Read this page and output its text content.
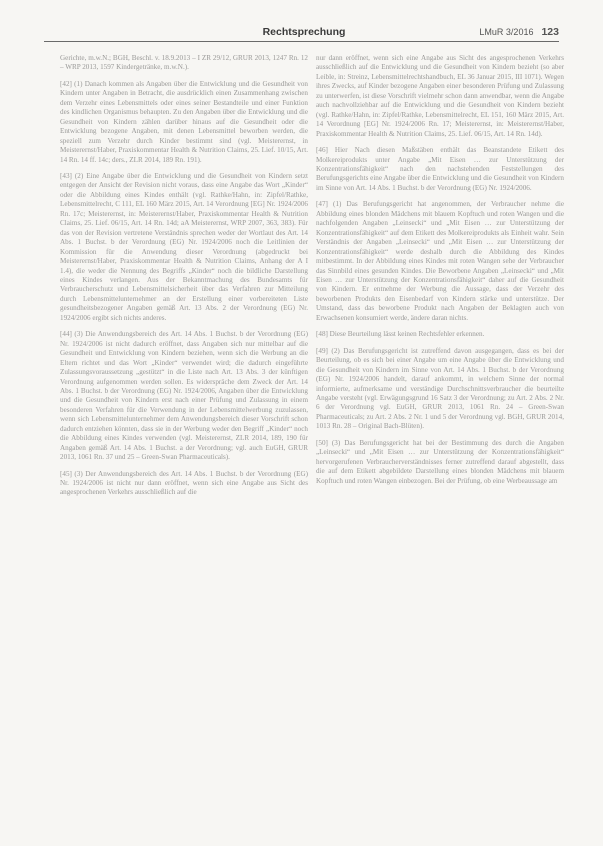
Rechtsprechung	LMuR 3/2016 123

Gerichte, m.w.N.; BGH, Beschl. v. 18.9.2013 – I ZR 29/12, GRUR 2013, 1247 Rn. 12 – WRP 2013, 1597 Kindergetränke, m.w.N.).

[42] (1) Danach kommen als Angaben über die Entwicklung und die Gesundheit von Kindern unter Angaben in Betracht, die ausdrücklich einen Zusammenhang zwischen dem Verzehr eines Lebensmittels oder eines seiner Bestandteile und einer Funktion des kindlichen Organismus behaupten. Zu den Angaben über die Entwicklung und die Gesundheit von Kindern zählen darüber hinaus auf die Gesundheit oder die Entwicklung bezogene Angaben, mit denen Lebensmittel beworben werden, die speziell zum Verzehr durch Kinder bestimmt sind (vgl. Meisterernst, in Meisterernst/Haber, Praxiskommentar Health & Nutrition Claims, 25. Lief. 10/15, Art. 14 Rn. 14 ff. 14c; ders., ZLR 2014, 189 Rn. 191).

[43] (2) Eine Angabe über die Entwicklung und die Gesundheit von Kindern setzt entgegen der Ansicht der Revision nicht voraus, dass eine Angabe das Wort „Kinder“ oder die Abbildung eines Kindes enthält (vgl. Rathke/Hahn, in: Zipfel/Rathke, Lebensmittelrecht, C 111, EL 160 März 2015, Art. 14 Verordnung [EG] Nr. 1924/2006 Rn. 17c; Meisterernst, in: Meisterernst/Haber, Praxiskommentar Health & Nutrition Claims, 25. Lief. 06/15, Art. 14 Rn. 14d; aA Meisterernst, WRP 2007, 363, 383). Für das von der Revision vertretene Verständnis sprechen weder der Wortlaut des Art. 14 Abs. 1 Buchst. b der Verordnung (EG) Nr. 1924/2006 noch die Leitlinien der Kommission für die Anwendung dieser Verordnung (abgedruckt bei Meisterernst/Haber, Praxiskommentar Health & Nutrition Claims, Anhang der A I 1.4), die weder die Nennung des Begriffs „Kinder“ noch die bildliche Darstellung eines Kindes verlangen. Aus der Bekanntmachung des Bundesamts für Verbraucherschutz und Lebensmittelsicherheit über das Verfahren zur Mitteilung durch Lebensmittelunternehmer an der Erstellung einer vorbereiteten Liste gesundheitsbezogener Angaben gemäß Art. 13 Abs. 2 der Verordnung (EG) Nr. 1924/2006 ergibt sich nichts anderes.

[44] (3) Die Anwendungsbereich des Art. 14 Abs. 1 Buchst. b der Verordnung (EG) Nr. 1924/2006 ist nicht dadurch eröffnet, dass Angaben sich nur mittelbar auf die Gesundheit und Entwicklung von Kindern beziehen, wenn sich die Werbung an die Eltern richtet und das Wort „Kinder“ verwendet wird; die dadurch eingeführte Zulassungsvoraussetzung „gestützt“ in die Liste nach Art. 13 Abs. 3 der künftigen Verordnung aufgenommen werden sollen. Es widerspräche dem Zweck der Art. 14 Abs. 1 Buchst. b der Verordnung (EG) Nr. 1924/2006, Angaben über die Entwicklung und die Gesundheit von Kindern erst nach einer Prüfung und Zulassung in einem besonderen Verfahren für die Verwendung in der Lebensmittelwerbung zuzulassen, wenn sich Lebensmittelunternehmer dem Anwendungsbereich dieser Vorschrift schon dadurch entziehen könnten, dass sie in der Werbung weder den Begriff „Kinder“ noch die Abbildung eines Kindes verwenden (vgl. Meisterernst, ZLR 2014, 189, 190 für Angaben gemäß Art. 14 Abs. 1 Buchst. a der Verordnung; vgl. auch EuGH, GRUR 2013, 1061 Rn. 37 und 25 – Green-Swan Pharmaceuticals).

[45] (3) Der Anwendungsbereich des Art. 14 Abs. 1 Buchst. b der Verordnung (EG) Nr. 1924/2006 ist nicht nur dann eröffnet, wenn sich eine Angabe aus Sicht des angesprochenen Verkehrs ausschließlich auf die

nur dann eröffnet, wenn sich eine Angabe aus Sicht des angesprochenen Verkehrs ausschließlich auf die Entwicklung und die Gesundheit von Kindern bezieht (so aber Leible, in: Streinz, Lebensmittelrechtshandbuch, EL 36 Januar 2015, III 1071). Wegen ihres Zwecks, auf Kinder bezogene Angaben einer besonderen Prüfung und Zulassung zu unterwerfen, ist diese Vorschrift vielmehr schon dann anwendbar, wenn die Angabe auch nachvollziehbar auf die Entwicklung und die Gesundheit von Kindern bezieht (vgl. Rathke/Hahn, in: Zipfel/Rathke, Lebensmittelrecht, EL 151, 160 März 2015, Art. 14 Verordnung [EG] Nr. 1924/2006 Rn. 17; Meisterernst, in: Meisterernst/Haber, Praxiskommentar Health & Nutrition Claims, 25. Lief. 06/15, Art. 14 Rn. 14d).

[46] Hier Nach diesen Maßstäben enthält das Beanstandete Etikett des Molkereiprodukts unter Angabe „Mit Eisen … zur Unterstützung der Konzentrationsfähigkeit“ nach den nachstehenden Feststellungen des Berufungsgerichts eine Angabe über die Entwicklung und die Gesundheit von Kindern im Sinne von Art. 14 Abs. 1 Buchst. b der Verordnung (EG) Nr. 1924/2006.

[47] (1) Das Berufungsgericht hat angenommen, der Verbraucher nehme die Abbildung eines blonden Mädchens mit blauem Kopftuch und roten Wangen und die nachfolgenden Angaben „Leinsecki“ und „Mit Eisen … zur Unterstützung der Konzentrationsfähigkeit“ auf dem Etikett des Molkereiprodukts als Einheit wahr. Sein Verständnis der Angaben „Leinsecki“ und „Mit Eisen … zur Unterstützung der Konzentrationsfähigkeit“ werde deshalb durch die Abbildung des Kindes mitbestimmt. In der Abbildung eines Kindes mit roten Wangen sehe der Verbraucher das Sinnbild eines gesunden Kindes. Die Beworbene Angaben „Leinsecki“ und „Mit Eisen … zur Unterstützung der Konzentrationsfähigkeit“ daher auf die Gesundheit von Kindern. Er entnehme der Werbung die Aussage, dass der Verzehr des beworbenen Produkts den Eisenbedarf von Kindern stärke und unterstütze. Der Umstand, dass das beworbene Produkt nach Angaben der Beklagten auch von Erwachsenen konsumiert werde, ändere daran nichts.

[48] Diese Beurteilung lässt keinen Rechtsfehler erkennen.

[49] (2) Das Berufungsgericht ist zutreffend davon ausgegangen, dass es bei der Beurteilung, ob es sich bei einer Angabe um eine Angabe über die Entwicklung und die Gesundheit von Kindern im Sinne von Art. 14 Abs. 1 Buchst. b der Verordnung (EG) Nr. 1924/2006 handelt, darauf ankommt, in welchem Sinne der normal informierte, aufmerksame und verständige Durchschnittsverbraucher die beurteilte Angabe versteht (vgl. Erwägungsgrund 16 Satz 3 der Verordnung; zu Art. 2 Abs. 2 Nr. 6 der Verordnung vgl. EuGH, GRUR 2013, 1061 Rn. 24 – Green-Swan Pharmaceuticals; zu Art. 2 Abs. 2 Nr. 1 und 5 der Verordnung vgl. BGH, GRUR 2014, 1013 Rn. 28 – Original Bach-Blüten).

[50] (3) Das Berufungsgericht hat bei der Bestimmung des durch die Angaben „Leinsecki“ und „Mit Eisen … zur Unterstützung der Konzentrationsfähigkeit“ hervorgerufenen Verbraucherverständnisses ferner zutreffend darauf abgestellt, dass die auf dem Etikett abgebildete Darstellung eines blonden Mädchens mit blauem Kopftuch und roten Wangen einbezogen. Bei der Prüfung, ob eine Werbeaussage am
